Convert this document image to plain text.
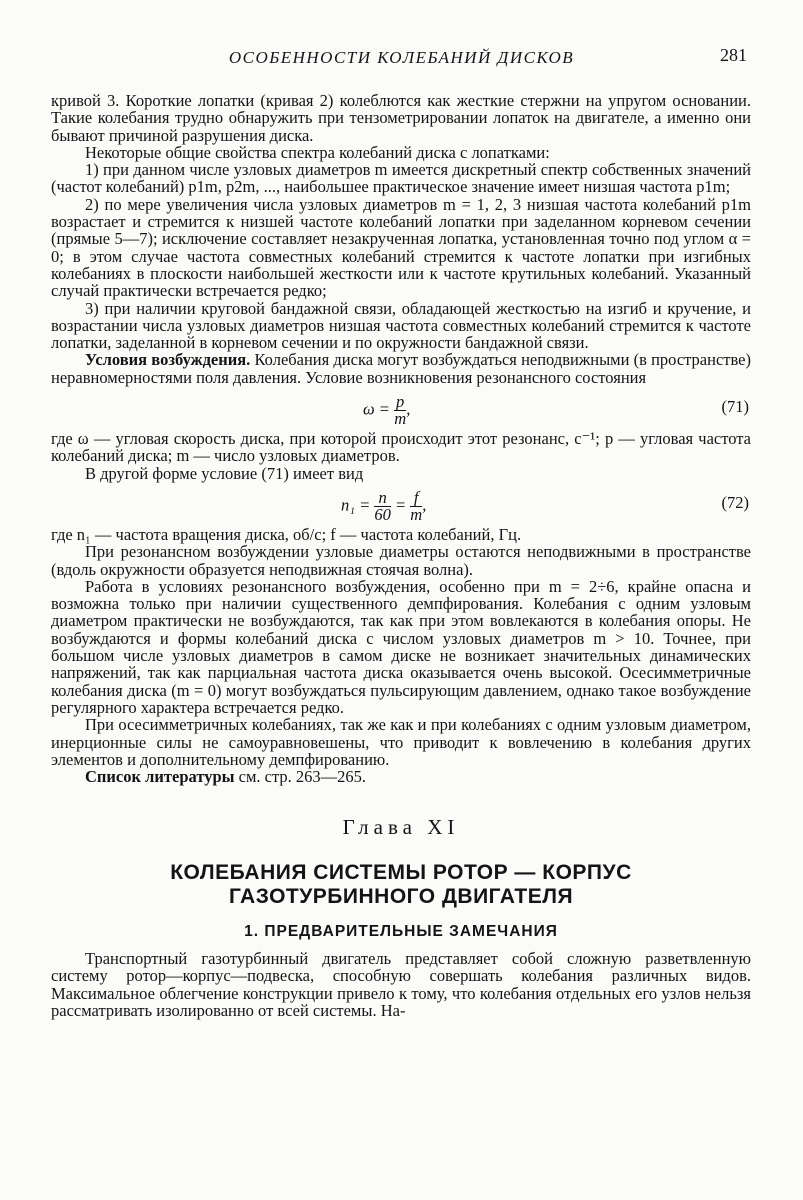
ОСОБЕННОСТИ КОЛЕБАНИЙ ДИСКОВ	281

кривой 3. Короткие лопатки (кривая 2) колеблются как жесткие стержни на упругом основании. Такие колебания трудно обнаружить при тензометрировании лопаток на двигателе, а именно они бывают причиной разрушения диска.

Некоторые общие свойства спектра колебаний диска с лопатками:

1) при данном числе узловых диаметров m имеется дискретный спектр собственных значений (частот колебаний) p1m, p2m, ..., наибольшее практическое значение имеет низшая частота p1m;

2) по мере увеличения числа узловых диаметров m = 1, 2, 3 низшая частота колебаний p1m возрастает и стремится к низшей частоте колебаний лопатки при заделанном корневом сечении (прямые 5—7); исключение составляет незакрученная лопатка, установленная точно под углом α = 0; в этом случае частота совместных колебаний стремится к частоте лопатки при изгибных колебаниях в плоскости наибольшей жесткости или к частоте крутильных колебаний. Указанный случай практически встречается редко;

3) при наличии круговой бандажной связи, обладающей жесткостью на изгиб и кручение, и возрастании числа узловых диаметров низшая частота совместных колебаний стремится к частоте лопатки, заделанной в корневом сечении и по окружности бандажной связи.

Условия возбуждения. Колебания диска могут возбуждаться неподвижными (в пространстве) неравномерностями поля давления. Условие возникновения резонансного состояния

$\omega = \frac{p}{m}$ ,	(71)

где ω — угловая скорость диска, при которой происходит этот резонанс, с⁻¹; p — угловая частота колебаний диска; m — число узловых диаметров.

В другой форме условие (71) имеет вид

$n_1 = \frac{n}{60} = \frac{f}{m}$ ,	(72)

где n₁ — частота вращения диска, об/с; f — частота колебаний, Гц.

При резонансном возбуждении узловые диаметры остаются неподвижными в пространстве (вдоль окружности образуется неподвижная стоячая волна).

Работа в условиях резонансного возбуждения, особенно при m = 2÷6, крайне опасна и возможна только при наличии существенного демпфирования. Колебания с одним узловым диаметром практически не возбуждаются, так как при этом вовлекаются в колебания опоры. Не возбуждаются и формы колебаний диска с числом узловых диаметров m > 10. Точнее, при большом числе узловых диаметров в самом диске не возникает значительных динамических напряжений, так как парциальная частота диска оказывается очень высокой. Осесимметричные колебания диска (m = 0) могут возбуждаться пульсирующим давлением, однако такое возбуждение регулярного характера встречается редко.

При осесимметричных колебаниях, так же как и при колебаниях с одним узловым диаметром, инерционные силы не самоуравновешены, что приводит к вовлечению в колебания других элементов и дополнительному демпфированию.

Список литературы см. стр. 263—265.

Глава XI
КОЛЕБАНИЯ СИСТЕМЫ РОТОР — КОРПУС
ГАЗОТУРБИННОГО ДВИГАТЕЛЯ
1. ПРЕДВАРИТЕЛЬНЫЕ ЗАМЕЧАНИЯ

Транспортный газотурбинный двигатель представляет собой сложную разветвленную систему ротор—корпус—подвеска, способную совершать колебания различных видов. Максимальное облегчение конструкции привело к тому, что колебания отдельных его узлов нельзя рассматривать изолированно от всей системы. На-
